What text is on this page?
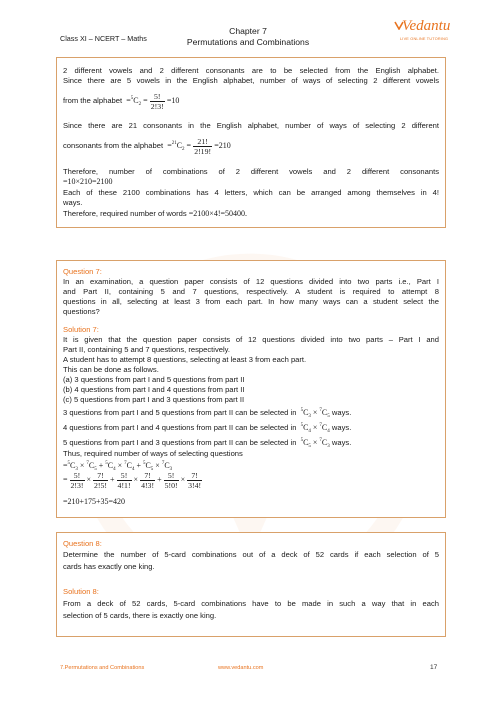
Class XI – NCERT – Maths
Chapter 7
Permutations and Combinations
Vedantu
LIVE ONLINE TUTORING
2 different vowels and 2 different consonants are to be selected from the English alphabet.
Since there are 5 vowels in the English alphabet, number of ways of selecting 2 different vowels
from the alphabet  $=^5C_2 = \frac{5!}{2!3!} =10$
Since there are 21 consonants in the English alphabet, number of ways of selecting 2 different
consonants from the alphabet  $=^{21}C_2 = \frac{21!}{2!19!} =210$
Therefore, number of combinations of 2 different vowels and 2 different consonants
=10×210=2100
Each of these 2100 combinations has 4 letters, which can be arranged among themselves in 4!
ways.
Therefore, required number of words =2100×4!=50400.
Question 7:
In an examination, a question paper consists of 12 questions divided into two parts i.e., Part I
and Part II, containing 5 and 7 questions, respectively. A student is required to attempt 8
questions in all, selecting at least 3 from each part. In how many ways can a student select the
questions?
Solution 7:
It is given that the question paper consists of 12 questions divided into two parts – Part I and
Part II, containing 5 and 7 questions, respectively.
A student has to attempt 8 questions, selecting at least 3 from each part.
This can be done as follows.
(a) 3 questions from part I and 5 questions from part II
(b) 4 questions from part I and 4 questions from part II
(c) 5 questions from part I and 3 questions from part II
3 questions from part I and 5 questions from part II can be selected in $^5C_3 \times ^7C_5$ ways.
4 questions from part I and 4 questions from part II can be selected in $^5C_4 \times ^7C_4$ ways.
5 questions from part I and 3 questions from part II can be selected in $^5C_5 \times ^7C_3$ ways.
Thus, required number of ways of selecting questions
$=^5C_3 \times ^7C_5 + ^5C_4 \times ^7C_4 + ^5C_5 \times ^7C_3$
= $\frac{5!}{2!3!} \times \frac{7!}{2!5!} + \frac{5!}{4!1!} \times \frac{7!}{4!3!} + \frac{5!}{5!0!} \times \frac{7!}{3!4!}$
=210+175+35=420
Question 8:
Determine the number of 5-card combinations out of a deck of 52 cards if each selection of 5
cards has exactly one king.
Solution 8:
From a deck of 52 cards, 5-card combinations have to be made in such a way that in each
selection of 5 cards, there is exactly one king.
7.Permutations and Combinations	www.vedantu.com	17
